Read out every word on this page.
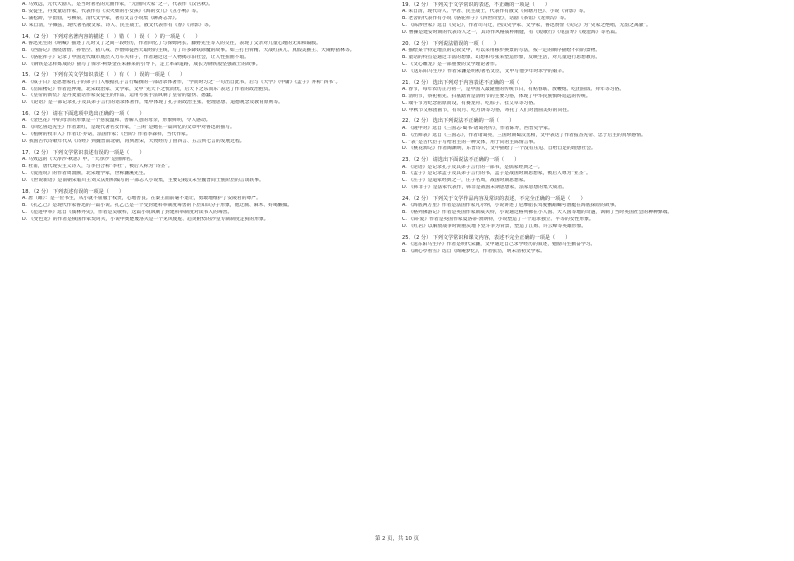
A. 马致远，元代大剧人，是当时著名的元曲作家，“元曲四大家”之一，代表作《汉宫秋》。

B. 安徒生，丹麦童话作家，代表作有《卖火柴的小女孩》《海的女儿》《丑小鸭》等。

C. 蒲松龄，字留仙，号柳泉，清代文学家，著有文言小说集《聊斋志异》。

D. 朱自清，字佩弦，现代著名散文家、诗人、民主战士，散文代表作有《春》《背影》等。

14．（2 分） 下列对名著内容的描述（　）错（　）误（　）的一项是（　　）

A. 鲁迅先生的《呐喊》描述了几时又了之间一段经历，作者回忆了与保姆阿长、藤野先生等人的交往，表现了父亲对儿童心理的无知和隔膜。

B. 《西游记》围绕唐僧、孙悟空、猪八戒、沙僧师徒西天取经的主线，写了许多降妖除魔的故事。如三打白骨精、大战红孩儿、真假美猴王、大闹野猪林等。

C. 《骆驼祥子》记录了中国近代城市底层人力车夫祥子，作者通过这一人物揭示旧社会，让人性扭曲不堪。

D. 《钢铁是怎样炼成的》描写了保尔·柯察金在朱赫来的引导下，走上革命道路，成长为钢铁般坚强战士的故事。

15．（2 分） 下列有关文学知识表述（　）有（　）误的一项是（　　）

A. 《威子日》是思想家孔子的弟子门人根据孔子言行编撰的一部语录体著作，“学而时习之”一句出自此书，后与《大学》《中庸》《孟子》并称“四书”。

B. 《岳阳楼记》作者范仲淹，北宋政治家、文学家，文中“先天下之忧而忧，后天下之乐而乐”表达了作者的政治抱负。

C. 《皇帝的新装》是丹麦童话作家安徒生的作品，运用夸张手法讽刺了皇帝的虚伪、愚蠢。

D. 《论语》是一部记录孔子及其弟子言行的语录体著作，集中体现了孔子的政治主张、伦理思想、道德观念及教育原则等。

16．（2 分） 请在下面选项中选出正确的一项（　　）

A. 《金色花》中的母亲的形象是一个慈爱温和、善解人意的母亲，形象鲜明，令人感动。

B. 《回忆鲁迅先生》作者萧红，是现代著名女作家，“三闲”是她在一篇回忆的文章中对鲁迅的描写。

C. 《植树的牧羊人》作者让·乔诺，法国作家；《台阶》作者李森祥，当代作家。

D. 我国古代诗歌年代从《诗经》到魏晋南北朝，再到唐宋，大致经历了由四言、五言到七言的发展过程。

17．（2 分） 下列文学常识表述有误的一项是（　　）

A. 马致远的《天净沙·秋思》中，“天净沙”是曲牌名。

B. 杜甫，唐代现实主义诗人，与李白合称“李杜”，被后人称为“诗圣”。

C. 《爱莲说》的作者周敦颐，北宋理学家，世称濂溪先生。

D. 《世说新语》是南朝宋临川王刘义庆组织编写的一部志人小说集，主要记载汉末至魏晋间士族阶层的言谈轶事。

18．（2 分） 下列表述有误的一项是（　　）

A. 唐（雎）：是一位书生，从小就不屈服于权贵，心地善良。在秦王面前毫不退让，勇敢地维护了安陵君的尊严。

B. 《孔乙己》是现代作家鲁迅的一篇小说。孔乙己是一个受封建科举制度毒害的下层知识分子形象，他迂腐、麻木、好喝懒做。

C. 《范进中举》选自《儒林外史》，作者是吴敬梓，这篇小说讽刺了封建科举制度对读书人的毒害。

D. 《变色龙》的作者是俄国作家契诃夫，小说中奥楚蔑洛夫是一个见风使舵、趋炎附势的沙皇专制制度走狗的形象。

19．（2 分） 下列关于文学常识的表述，不正确的一项是（　　）

A. 朱自清，现代诗人、学者、民主战士，代表作有散文《荷塘月色》、小说《背影》等。

B. 老舍的代表作有小说《骆驼祥子》《四世同堂》，话剧《茶馆》《龙须沟》等。

C. 《陈涉世家》选自《史记》，作者司马迁，西汉史学家、文学家，鲁迅赞誉《史记》为“史家之绝唱，无韵之离骚”。

D. 曹操是建安时期的代表诗人之一，其诗作风格质朴刚健，有《短歌行》《龟虽寿》《观沧海》等名篇。

20．（2 分） 下列说法错误的一项（　　）

A. 描绘某个特定地点的记叙文中，可以采用移步换景的写法，按一定的顺序描绘不同的景物。

B. 童话的特点是通过丰富的想象、幻想和夸张来塑造形象，反映生活，对儿童进行思想教育。

C. 《文心雕龙》是一部重要的文学理论著作。

D. 《送东阳马生序》作者宋濂是明初著名文臣，文中写他少年时求学的艰辛。

21．（2 分） 选出下列对于内容表述不正确的一项（　　）

A. 春节，每年农历正月初一，是中国人最隆重的传统节日，有贴春联、放鞭炮、吃团圆饭、拜年等习俗。

B. 清明节，祭祀祖先、扫墓踏青是清明节的主要习俗，体现了中华民族慎终追远的传统。

C. 端午节为纪念屈原而设，有赛龙舟、吃粽子、挂艾草等习俗。

D. 中秋节又称团圆节，有赏月、吃月饼等习俗，寄托了人们对团圆美好的向往。

22．（2 分） 选出下列说法不正确的一项（　　）

A. 《隆中对》选自《三国志·蜀书·诸葛亮传》，作者陈寿，西晋史学家。

B. 《出师表》选自《三国志》，作者诸葛亮，三国时期蜀汉丞相，文中表达了作者报答先帝、忠于后主的真挚感情。

C. “表”是古代臣子写给君主的一种文体，用于向君主陈情言事。

D. 《桃花源记》作者陶渊明，东晋诗人，文中描绘了一个没有压迫、自给自足的理想社会。

23．（2 分） 请选出下面说法不正确的一项（　　）

A. 《论语》是记录孔子及其弟子言行的一部书，是儒家经典之一。

B. 《孟子》是记录孟子及其弟子言行的书，孟子是战国时期思想家，被后人尊为“亚圣”。

C. 《庄子》是道家经典之一，庄子名周，战国时期思想家。

D. 《韩非子》是法家代表作，韩非是战国末期思想家，法家思想的集大成者。

24．（2 分） 下列关于文学作品内容及常识的表述，不完全正确的一项是（　　）

A. 《海底两万里》作者是法国作家凡尔纳，小说讲述了尼摩船长驾驶鹦鹉螺号潜艇在海底探险的故事。

B. 《格列佛游记》作者是英国作家斯威夫特，小说通过格列佛在小人国、大人国等地的奇遇，讽刺了当时英国社会的种种弊端。

C. 《简·爱》作者是英国作家夏洛蒂·勃朗特，小说塑造了一个追求独立、平等的女性形象。

D. 《红岩》以解放战争时期重庆地下党斗争为背景，塑造了江姐、许云峰等英雄形象。

25．（2 分） 下列文学常识和课文内容，表述不完全正确的一项是（　　）

A. 《送东阳马生序》作者是明代宋濂，文中通过自己求学经历的叙述，勉励马生勤奋学习。

B. 《湖心亭看雪》选自《陶庵梦忆》，作者张岱，明末清初文学家。

第 2 页，共 10 页
